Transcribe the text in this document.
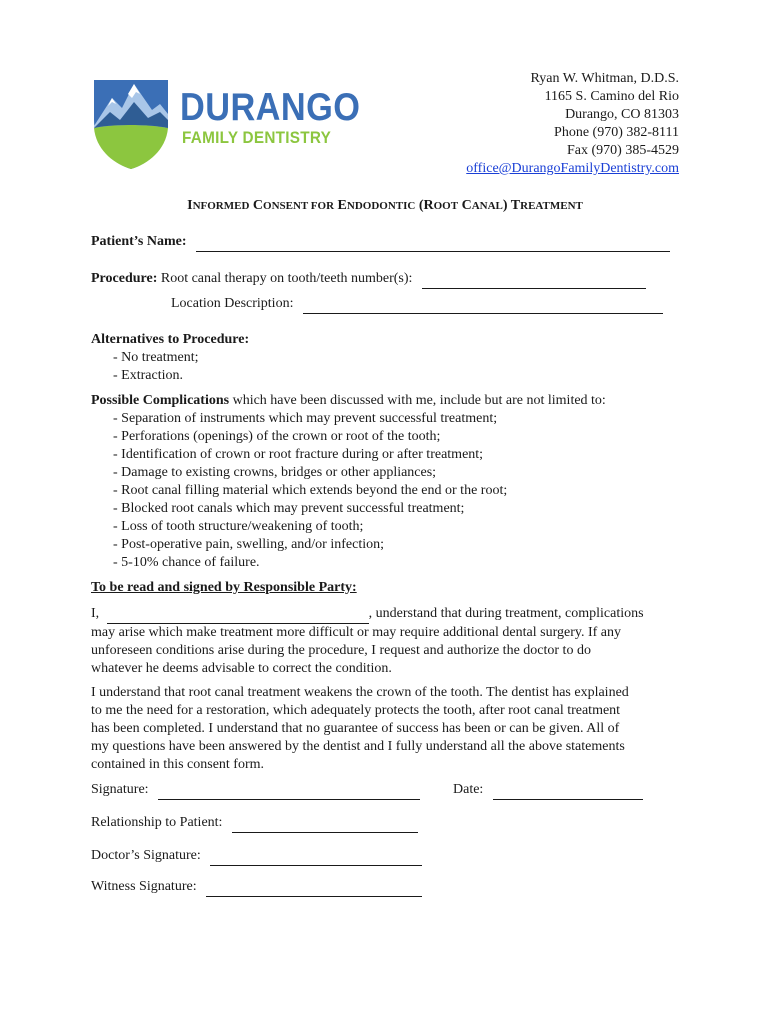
DURANGO
FAMILY DENTISTRY
Ryan W. Whitman, D.D.S.
1165 S. Camino del Rio
Durango, CO 81303
Phone (970) 382-8111
Fax (970) 385-4529
office@DurangoFamilyDentistry.com
INFORMED CONSENT FOR ENDODONTIC (ROOT CANAL) TREATMENT
Patient’s Name:
Procedure: Root canal therapy on tooth/teeth number(s):
Location Description:
Alternatives to Procedure:
- No treatment;
- Extraction.
Possible Complications which have been discussed with me, include but are not limited to:
- Separation of instruments which may prevent successful treatment;
- Perforations (openings) of the crown or root of the tooth;
- Identification of crown or root fracture during or after treatment;
- Damage to existing crowns, bridges or other appliances;
- Root canal filling material which extends beyond the end or the root;
- Blocked root canals which may prevent successful treatment;
- Loss of tooth structure/weakening of tooth;
- Post-operative pain, swelling, and/or infection;
- 5-10% chance of failure.
To be read and signed by Responsible Party:
I,	, understand that during treatment, complications
may arise which make treatment more difficult or may require additional dental surgery. If any
unforeseen conditions arise during the procedure, I request and authorize the doctor to do
whatever he deems advisable to correct the condition.
I understand that root canal treatment weakens the crown of the tooth. The dentist has explained
to me the need for a restoration, which adequately protects the tooth, after root canal treatment
has been completed. I understand that no guarantee of success has been or can be given. All of
my questions have been answered by the dentist and I fully understand all the above statements
contained in this consent form.
Signature:	Date:
Relationship to Patient:
Doctor’s Signature:
Witness Signature:
